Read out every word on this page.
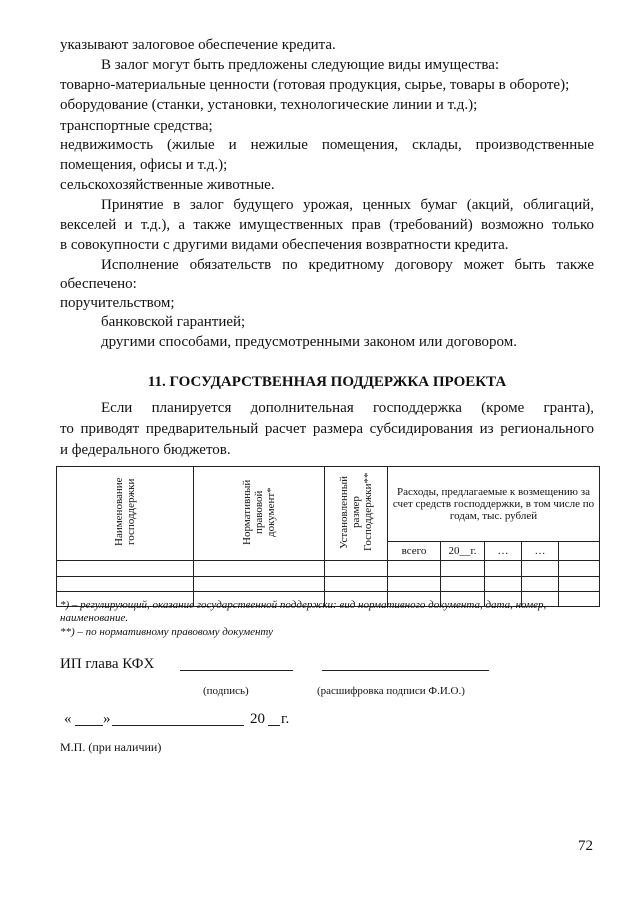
указывают залоговое обеспечение кредита.
В залог могут быть предложены следующие виды имущества:
товарно-материальные ценности (готовая продукция, сырье, товары в обороте);
оборудование (станки, установки, технологические линии и т.д.);
транспортные средства;
недвижимость (жилые и нежилые помещения, склады, производственные
помещения, офисы и т.д.);
сельскохозяйственные животные.
Принятие в залог будущего урожая, ценных бумаг (акций, облигаций,
векселей и т.д.), а также имущественных прав (требований) возможно только
в совокупности с другими видами обеспечения возвратности кредита.
Исполнение обязательств по кредитному договору может быть также
обеспечено:
поручительством;
банковской гарантией;
другими способами, предусмотренными законом или договором.
11. ГОСУДАРСТВЕННАЯ ПОДДЕРЖКА ПРОЕКТА
Если планируется дополнительная господдержка (кроме гранта),
то приводят предварительный расчет размера субсидирования из регионального
и федерального бюджетов.
Наименование господдержки	Нормативный правовой документ*	Установленный размер Господдержки**	Расходы, предлагаемые к возмещению за счет средств господдержки, в том числе по годам, тыс. рублей				
			всего	20__г.	…	…	

*) – регулирующий, оказание государственной поддержки: вид нормативного документа, дата, номер,
наименование.
**) – по нормативному правовому документу
ИП глава КФХ
(подпись)	(расшифровка подписи Ф.И.О.)
« »	20 г.
М.П. (при наличии)
72
